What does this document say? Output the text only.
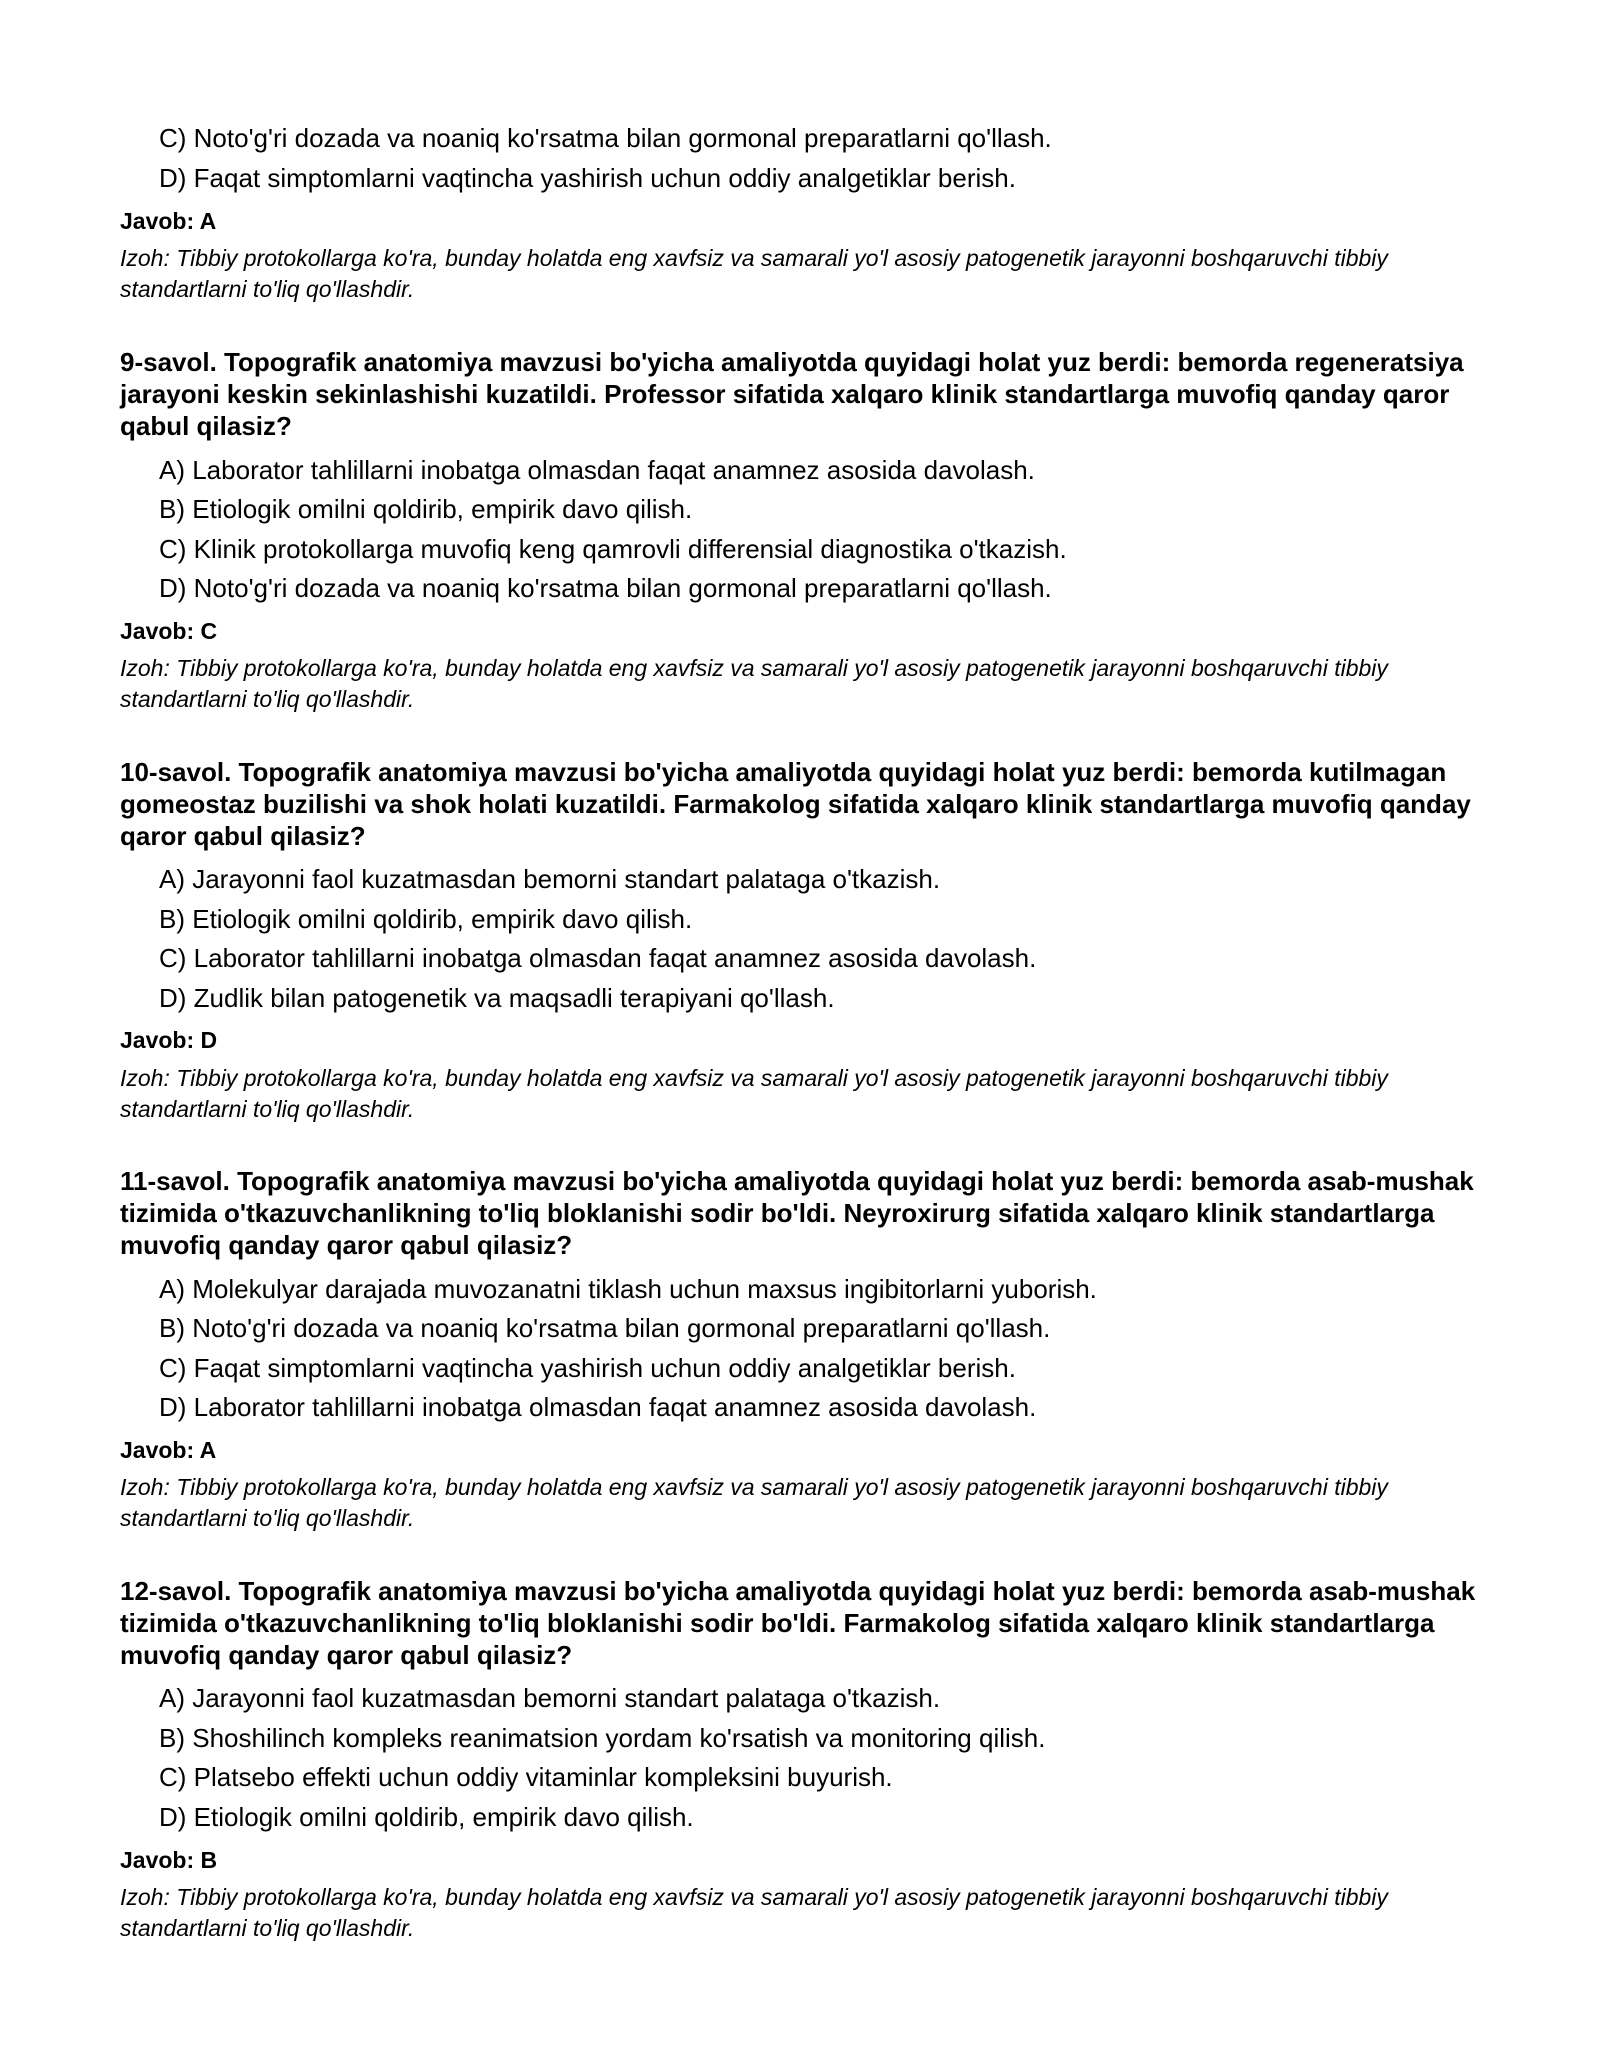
C) Noto'g'ri dozada va noaniq ko'rsatma bilan gormonal preparatlarni qo'llash.
D) Faqat simptomlarni vaqtincha yashirish uchun oddiy analgetiklar berish.
Javob: A
Izoh: Tibbiy protokollarga ko'ra, bunday holatda eng xavfsiz va samarali yo'l asosiy patogenetik jarayonni boshqaruvchi tibbiy standartlarni to'liq qo'llashdir.
9-savol. Topografik anatomiya mavzusi bo'yicha amaliyotda quyidagi holat yuz berdi: bemorda regeneratsiya jarayoni keskin sekinlashishi kuzatildi. Professor sifatida xalqaro klinik standartlarga muvofiq qanday qaror qabul qilasiz?
A) Laborator tahlillarni inobatga olmasdan faqat anamnez asosida davolash.
B) Etiologik omilni qoldirib, empirik davo qilish.
C) Klinik protokollarga muvofiq keng qamrovli differensial diagnostika o'tkazish.
D) Noto'g'ri dozada va noaniq ko'rsatma bilan gormonal preparatlarni qo'llash.
Javob: C
Izoh: Tibbiy protokollarga ko'ra, bunday holatda eng xavfsiz va samarali yo'l asosiy patogenetik jarayonni boshqaruvchi tibbiy standartlarni to'liq qo'llashdir.
10-savol. Topografik anatomiya mavzusi bo'yicha amaliyotda quyidagi holat yuz berdi: bemorda kutilmagan gomeostaz buzilishi va shok holati kuzatildi. Farmakolog sifatida xalqaro klinik standartlarga muvofiq qanday qaror qabul qilasiz?
A) Jarayonni faol kuzatmasdan bemorni standart palataga o'tkazish.
B) Etiologik omilni qoldirib, empirik davo qilish.
C) Laborator tahlillarni inobatga olmasdan faqat anamnez asosida davolash.
D) Zudlik bilan patogenetik va maqsadli terapiyani qo'llash.
Javob: D
Izoh: Tibbiy protokollarga ko'ra, bunday holatda eng xavfsiz va samarali yo'l asosiy patogenetik jarayonni boshqaruvchi tibbiy standartlarni to'liq qo'llashdir.
11-savol. Topografik anatomiya mavzusi bo'yicha amaliyotda quyidagi holat yuz berdi: bemorda asab-mushak tizimida o'tkazuvchanlikning to'liq bloklanishi sodir bo'ldi. Neyroxirurg sifatida xalqaro klinik standartlarga muvofiq qanday qaror qabul qilasiz?
A) Molekulyar darajada muvozanatni tiklash uchun maxsus ingibitorlarni yuborish.
B) Noto'g'ri dozada va noaniq ko'rsatma bilan gormonal preparatlarni qo'llash.
C) Faqat simptomlarni vaqtincha yashirish uchun oddiy analgetiklar berish.
D) Laborator tahlillarni inobatga olmasdan faqat anamnez asosida davolash.
Javob: A
Izoh: Tibbiy protokollarga ko'ra, bunday holatda eng xavfsiz va samarali yo'l asosiy patogenetik jarayonni boshqaruvchi tibbiy standartlarni to'liq qo'llashdir.
12-savol. Topografik anatomiya mavzusi bo'yicha amaliyotda quyidagi holat yuz berdi: bemorda asab-mushak tizimida o'tkazuvchanlikning to'liq bloklanishi sodir bo'ldi. Farmakolog sifatida xalqaro klinik standartlarga muvofiq qanday qaror qabul qilasiz?
A) Jarayonni faol kuzatmasdan bemorni standart palataga o'tkazish.
B) Shoshilinch kompleks reanimatsion yordam ko'rsatish va monitoring qilish.
C) Platsebo effekti uchun oddiy vitaminlar kompleksini buyurish.
D) Etiologik omilni qoldirib, empirik davo qilish.
Javob: B
Izoh: Tibbiy protokollarga ko'ra, bunday holatda eng xavfsiz va samarali yo'l asosiy patogenetik jarayonni boshqaruvchi tibbiy standartlarni to'liq qo'llashdir.
